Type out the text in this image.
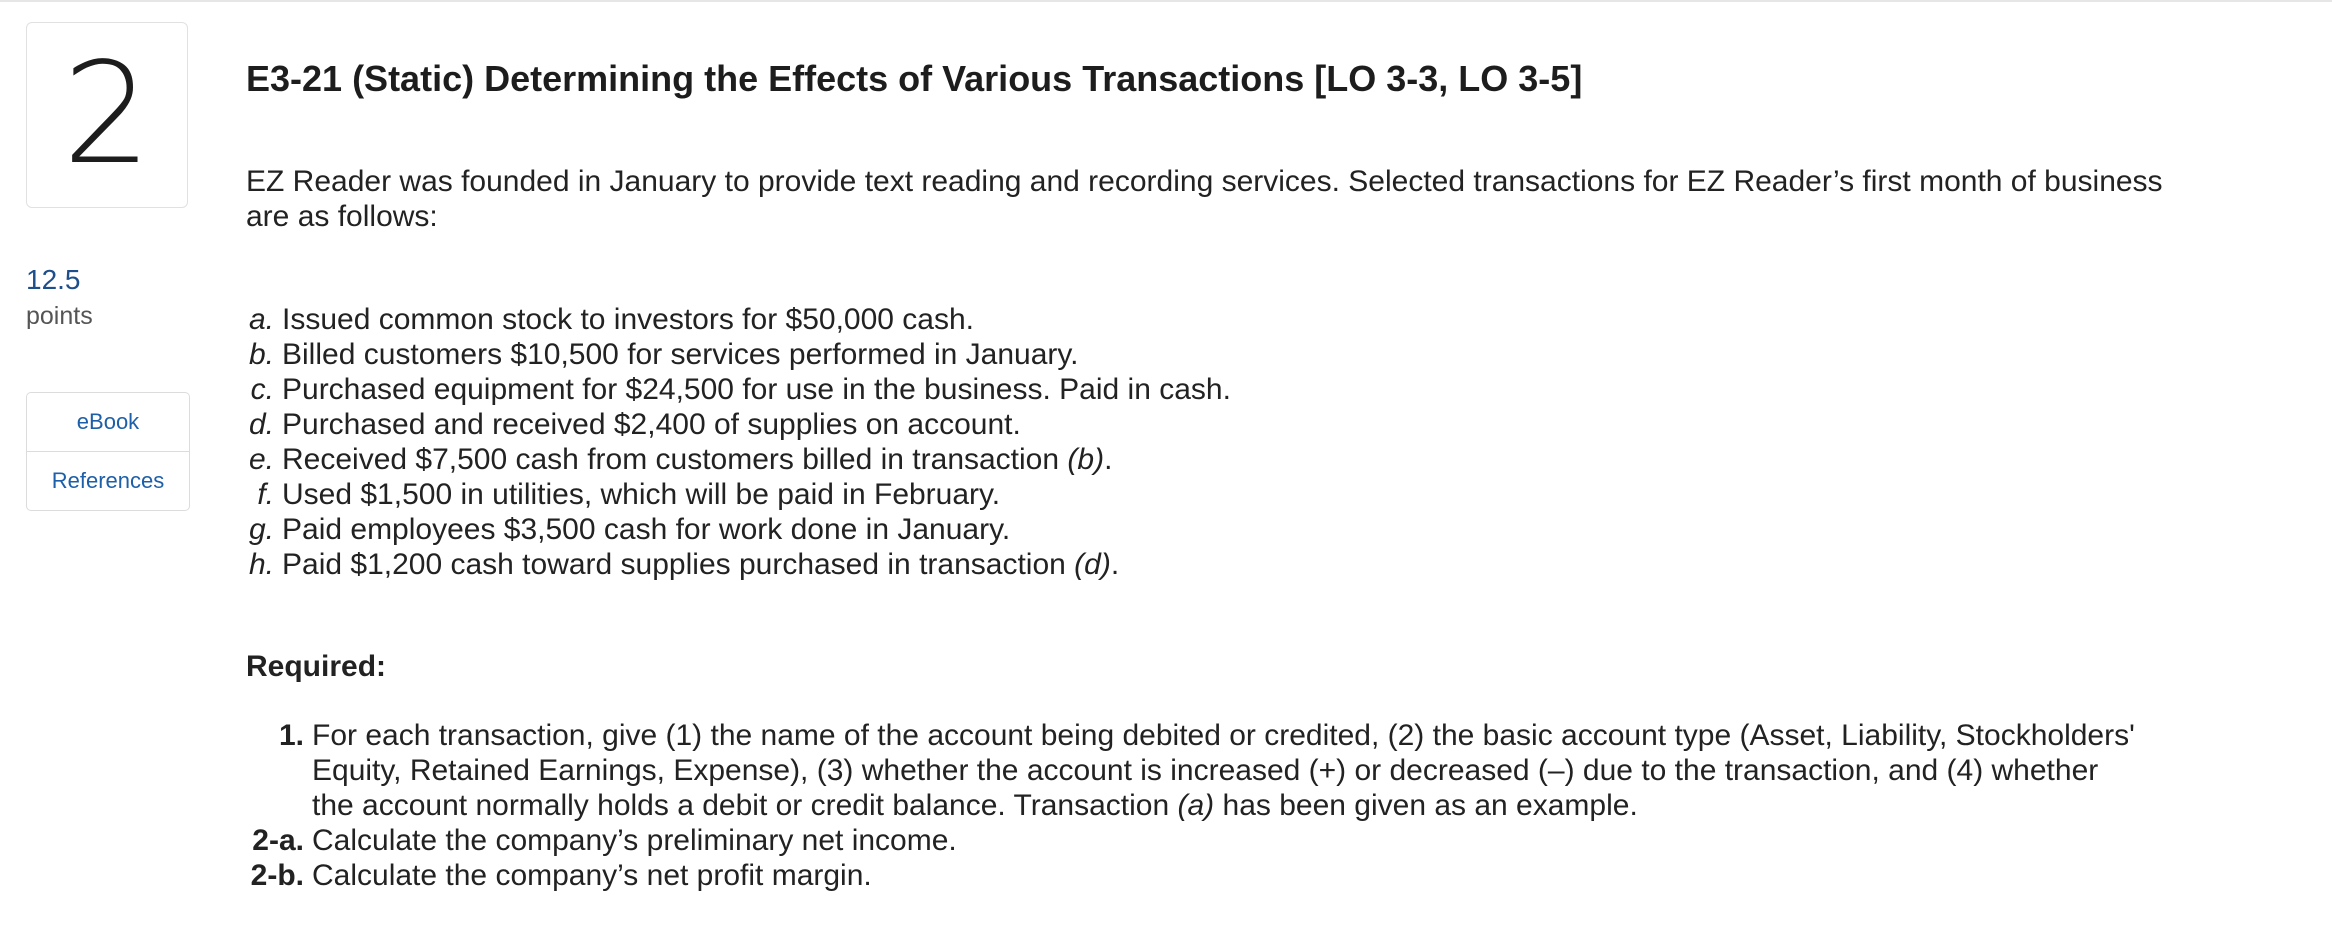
2
12.5
points
eBook
References
E3-21 (Static) Determining the Effects of Various Transactions [LO 3-3, LO 3-5]

EZ Reader was founded in January to provide text reading and recording services. Selected transactions for EZ Reader’s first month of business are as follows:

a. Issued common stock to investors for $50,000 cash.
b. Billed customers $10,500 for services performed in January.
c. Purchased equipment for $24,500 for use in the business. Paid in cash.
d. Purchased and received $2,400 of supplies on account.
e. Received $7,500 cash from customers billed in transaction (b).
f. Used $1,500 in utilities, which will be paid in February.
g. Paid employees $3,500 cash for work done in January.
h. Paid $1,200 cash toward supplies purchased in transaction (d).
Required:
1. For each transaction, give (1) the name of the account being debited or credited, (2) the basic account type (Asset, Liability, Stockholders' Equity, Retained Earnings, Expense), (3) whether the account is increased (+) or decreased (–) due to the transaction, and (4) whether the account normally holds a debit or credit balance. Transaction (a) has been given as an example.
2-a. Calculate the company’s preliminary net income.
2-b. Calculate the company’s net profit margin.
